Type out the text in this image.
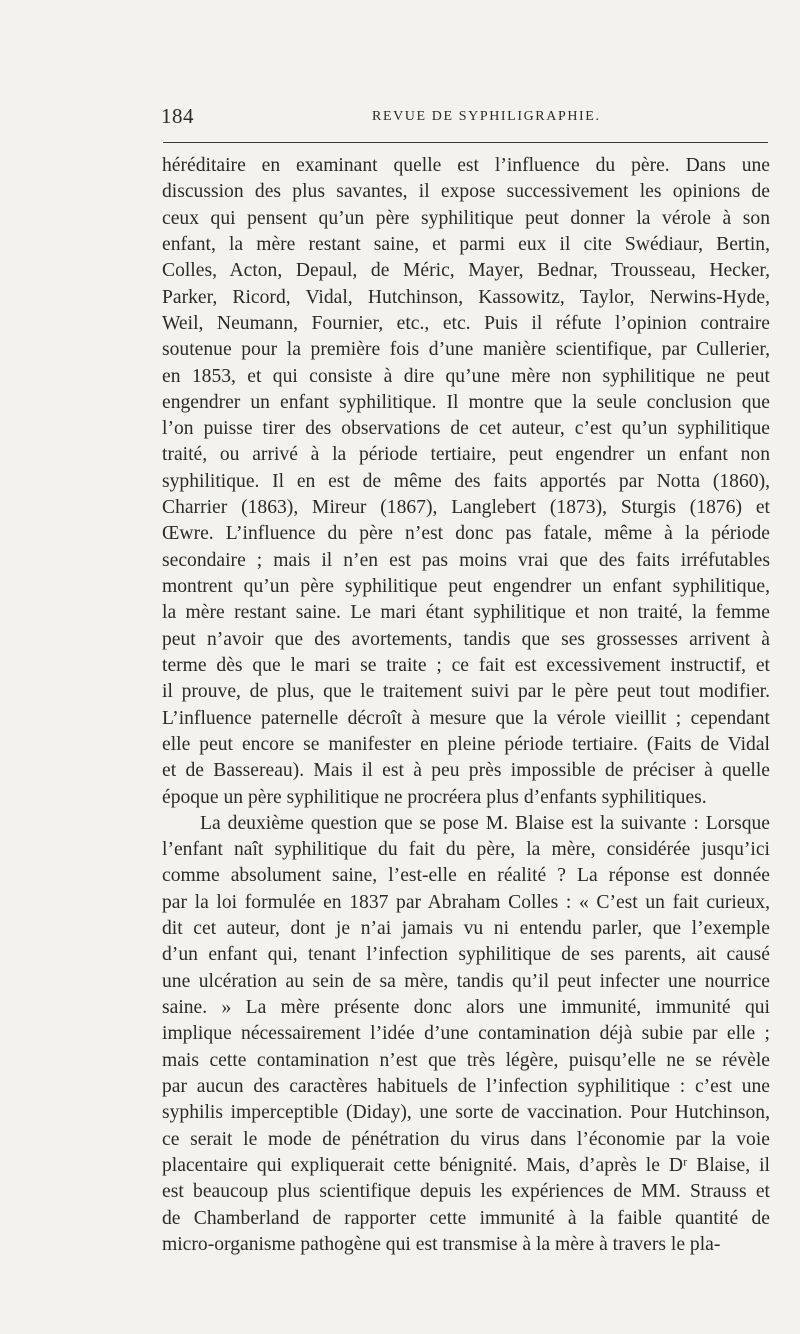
184	REVUE DE SYPHILIGRAPHIE.
héréditaire en examinant quelle est l’influence du père. Dans une
discussion des plus savantes, il expose successivement les opinions de
ceux qui pensent qu’un père syphilitique peut donner la vérole à son
enfant, la mère restant saine, et parmi eux il cite Swédiaur, Bertin,
Colles, Acton, Depaul, de Méric, Mayer, Bednar, Trousseau, Hecker,
Parker, Ricord, Vidal, Hutchinson, Kassowitz, Taylor, Nerwins-Hyde,
Weil, Neumann, Fournier, etc., etc. Puis il réfute l’opinion contraire
soutenue pour la première fois d’une manière scientifique, par Cullerier,
en 1853, et qui consiste à dire qu’une mère non syphilitique ne peut
engendrer un enfant syphilitique. Il montre que la seule conclusion que
l’on puisse tirer des observations de cet auteur, c’est qu’un syphilitique
traité, ou arrivé à la période tertiaire, peut engendrer un enfant non
syphilitique. Il en est de même des faits apportés par Notta (1860),
Charrier (1863), Mireur (1867), Langlebert (1873), Sturgis (1876) et
Œwre. L’influence du père n’est donc pas fatale, même à la période
secondaire ; mais il n’en est pas moins vrai que des faits irréfutables
montrent qu’un père syphilitique peut engendrer un enfant syphilitique,
la mère restant saine. Le mari étant syphilitique et non traité, la femme
peut n’avoir que des avortements, tandis que ses grossesses arrivent à
terme dès que le mari se traite ; ce fait est excessivement instructif, et
il prouve, de plus, que le traitement suivi par le père peut tout modifier.
L’influence paternelle décroît à mesure que la vérole vieillit ; cependant
elle peut encore se manifester en pleine période tertiaire. (Faits de Vidal
et de Bassereau). Mais il est à peu près impossible de préciser à quelle
époque un père syphilitique ne procréera plus d’enfants syphilitiques.
La deuxième question que se pose M. Blaise est la suivante : Lorsque
l’enfant naît syphilitique du fait du père, la mère, considérée jusqu’ici
comme absolument saine, l’est-elle en réalité ? La réponse est donnée
par la loi formulée en 1837 par Abraham Colles : « C’est un fait curieux,
dit cet auteur, dont je n’ai jamais vu ni entendu parler, que l’exemple
d’un enfant qui, tenant l’infection syphilitique de ses parents, ait causé
une ulcération au sein de sa mère, tandis qu’il peut infecter une nourrice
saine. » La mère présente donc alors une immunité, immunité qui
implique nécessairement l’idée d’une contamination déjà subie par elle ;
mais cette contamination n’est que très légère, puisqu’elle ne se révèle
par aucun des caractères habituels de l’infection syphilitique : c’est une
syphilis imperceptible (Diday), une sorte de vaccination. Pour Hutchinson,
ce serait le mode de pénétration du virus dans l’économie par la voie
placentaire qui expliquerait cette bénignité. Mais, d’après le Dʳ Blaise, il
est beaucoup plus scientifique depuis les expériences de MM. Strauss et
de Chamberland de rapporter cette immunité à la faible quantité de
micro-organisme pathogène qui est transmise à la mère à travers le pla-
